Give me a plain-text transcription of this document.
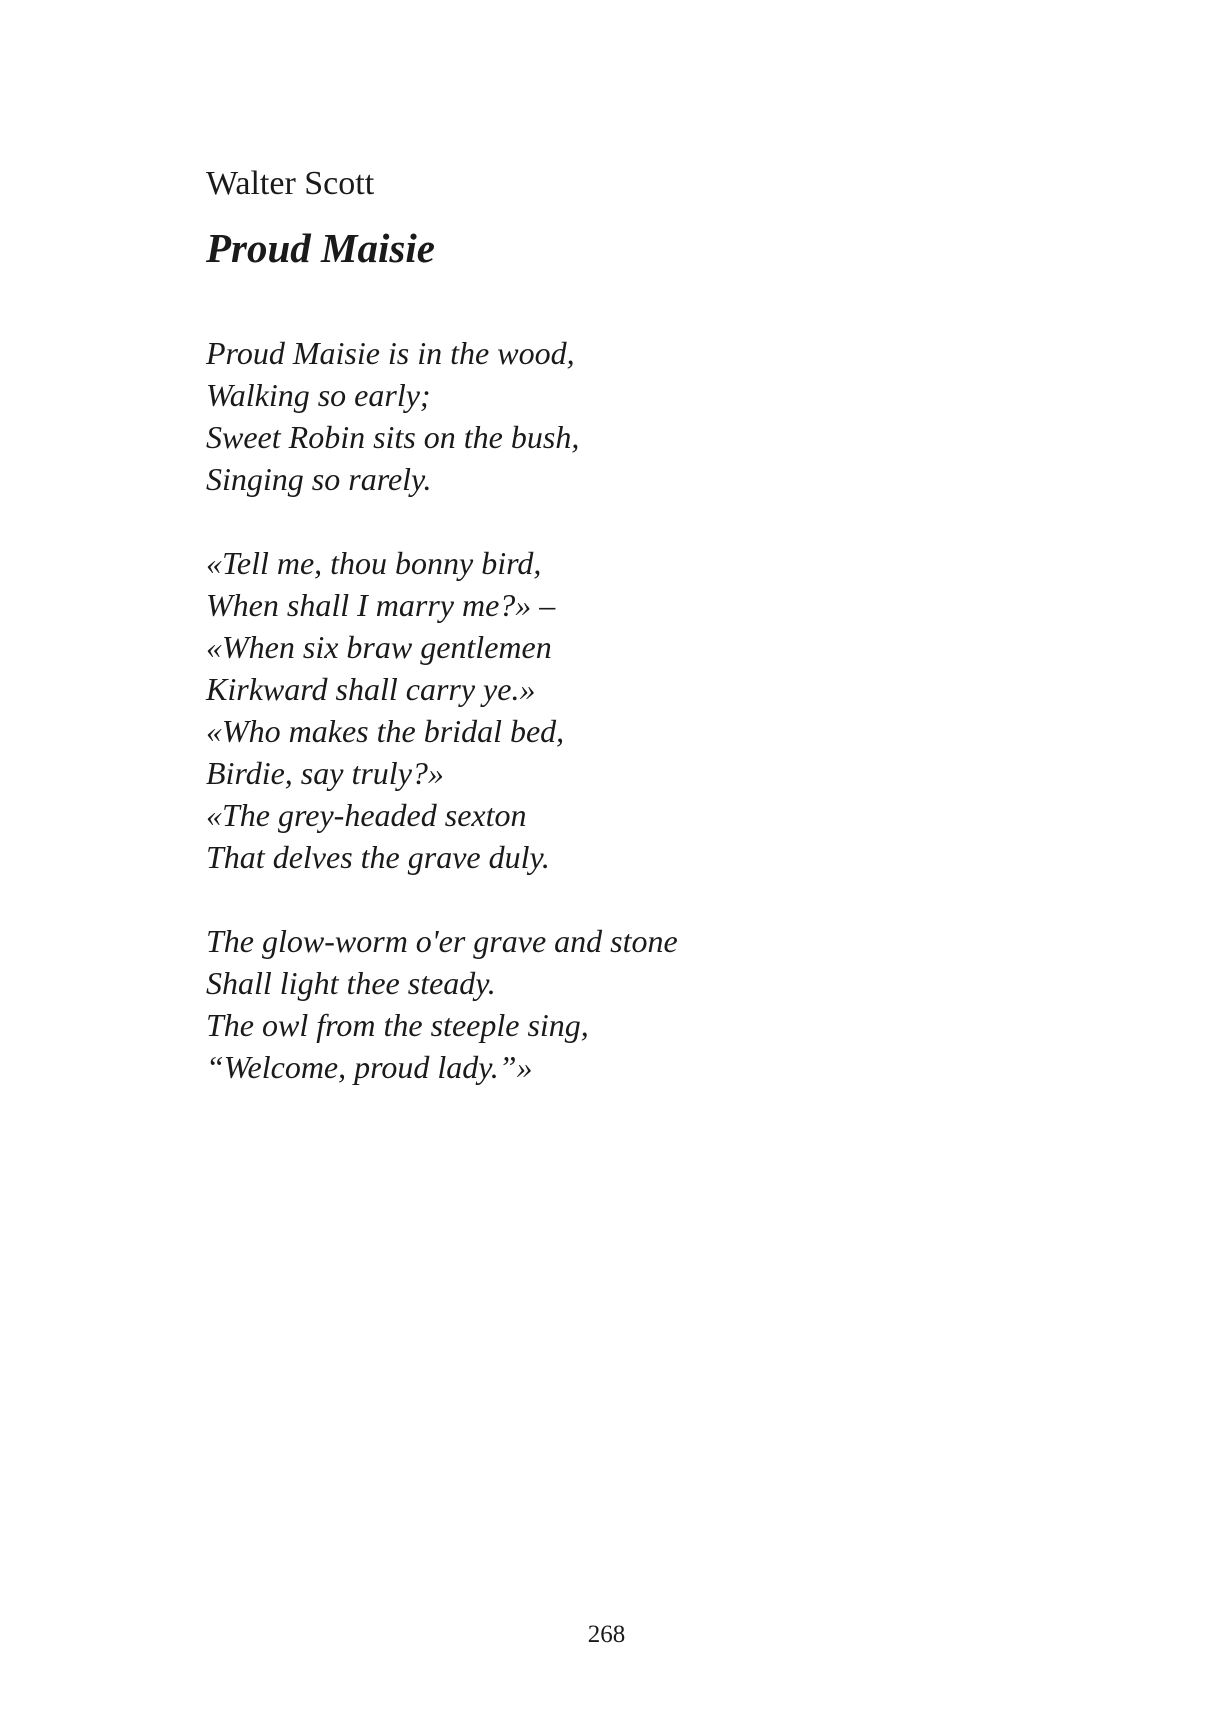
Walter Scott
Proud Maisie
Proud Maisie is in the wood,
Walking so early;
Sweet Robin sits on the bush,
Singing so rarely.
«Tell me, thou bonny bird,
When shall I marry me?» –
«When six braw gentlemen
Kirkward shall carry ye.»
«Who makes the bridal bed,
Birdie, say truly?»
«The grey-headed sexton
That delves the grave duly.
The glow-worm o'er grave and stone
Shall light thee steady.
The owl from the steeple sing,
“Welcome, proud lady.”»
268
